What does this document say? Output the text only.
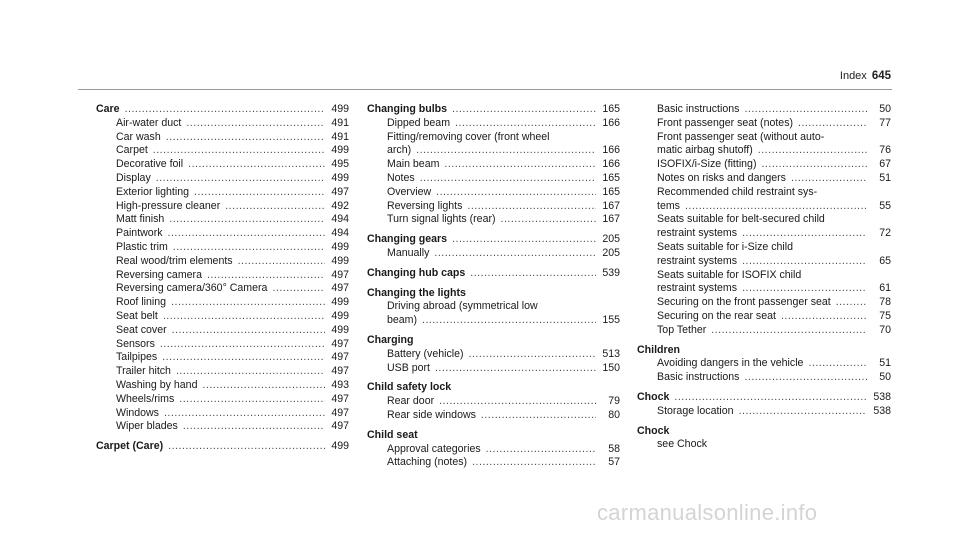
Index 645
Care .....	499
Air-water duct .....	491
Car wash .....	491
Carpet .....	499
Decorative foil .....	495
Display .....	499
Exterior lighting .....	497
High-pressure cleaner .....	492
Matt finish .....	494
Paintwork .....	494
Plastic trim .....	499
Real wood/trim elements .....	499
Reversing camera .....	497
Reversing camera/360° Camera .....	497
Roof lining .....	499
Seat belt .....	499
Seat cover .....	499
Sensors .....	497
Tailpipes .....	497
Trailer hitch .....	497
Washing by hand .....	493
Wheels/rims .....	497
Windows .....	497
Wiper blades .....	497
Carpet (Care) .....	499
Changing bulbs .....	165
Dipped beam .....	166
Fitting/removing cover (front wheel
arch) .....	166
Main beam .....	166
Notes .....	165
Overview .....	165
Reversing lights .....	167
Turn signal lights (rear) .....	167
Changing gears .....	205
Manually .....	205
Changing hub caps .....	539
Changing the lights
Driving abroad (symmetrical low
beam) .....	155
Charging
Battery (vehicle) .....	513
USB port .....	150
Child safety lock
Rear door .....	79
Rear side windows .....	80
Child seat
Approval categories .....	58
Attaching (notes) .....	57
Basic instructions .....	50
Front passenger seat (notes) .....	77
Front passenger seat (without auto-
matic airbag shutoff) .....	76
ISOFIX/i-Size (fitting) .....	67
Notes on risks and dangers .....	51
Recommended child restraint sys-
tems .....	55
Seats suitable for belt-secured child
restraint systems .....	72
Seats suitable for i-Size child
restraint systems .....	65
Seats suitable for ISOFIX child
restraint systems .....	61
Securing on the front passenger seat .....	78
Securing on the rear seat .....	75
Top Tether .....	70
Children
Avoiding dangers in the vehicle .....	51
Basic instructions .....	50
Chock .....	538
Storage location .....	538
Chock
see Chock
carmanualsonline.info
